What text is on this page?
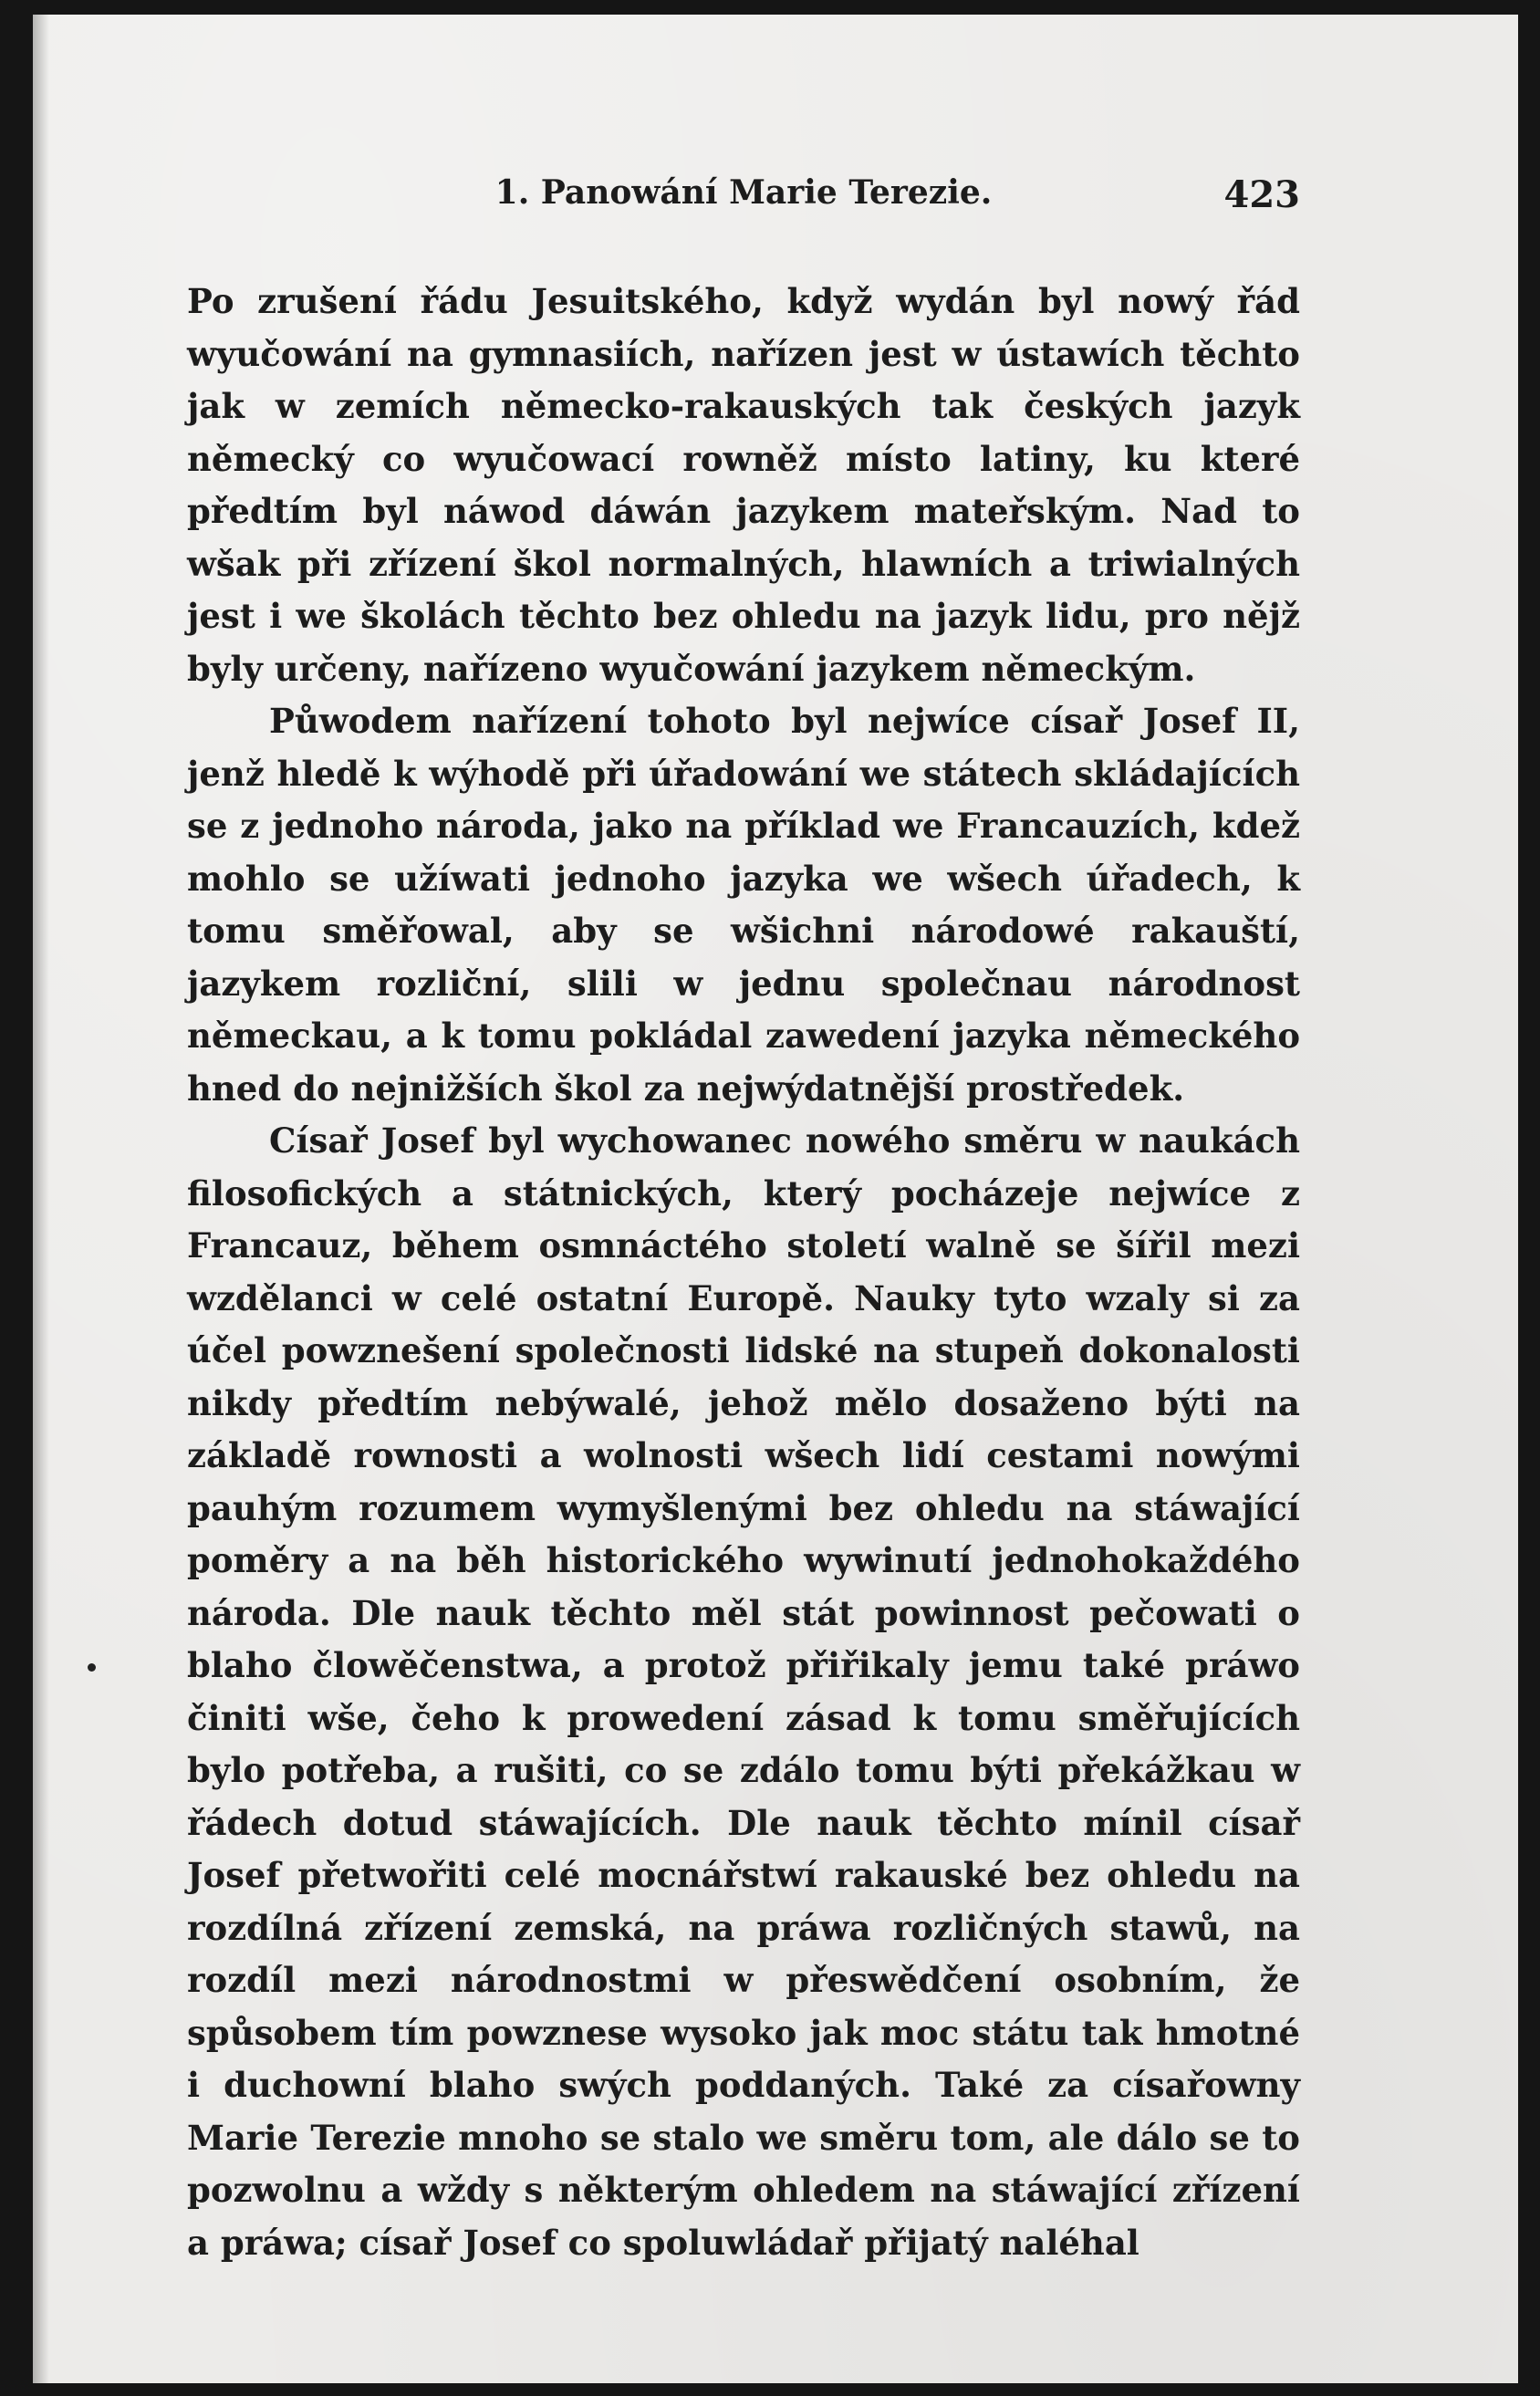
1. Panowání Marie Terezie.	423

Po zrušení řádu Jesuitského, když wydán byl nowý řád wyučowání na gymnasiích, nařízen jest w ústawích těchto jak w zemích německo-rakauských tak českých jazyk německý co wyučowací rowněž místo latiny, ku které předtím byl náwod dáwán jazykem mateřským. Nad to wšak při zřízení škol normalných, hlawních a triwialných jest i we školách těchto bez ohledu na jazyk lidu, pro nějž byly určeny, nařízeno wyučowání jazykem německým.

Půwodem nařízení tohoto byl nejwíce císař Josef II, jenž hledě k wýhodě při úřadowání we státech skládajících se z jednoho národa, jako na příklad we Francauzích, kdež mohlo se užíwati jednoho jazyka we wšech úřadech, k tomu směřowal, aby se wšichni národowé rakauští, jazykem rozliční, slili w jednu společnau národnost německau, a k tomu pokládal zawedení jazyka německého hned do nejnižších škol za nejwýdatnější prostředek.

Císař Josef byl wychowanec nowého směru w naukách filosofických a státnických, který pocházeje nejwíce z Francauz, během osmnáctého století walně se šířil mezi wzdělanci w celé ostatní Europě. Nauky tyto wzaly si za účel powznešení společnosti lidské na stupeň dokonalosti nikdy předtím nebýwalé, jehož mělo dosaženo býti na základě rownosti a wolnosti wšech lidí cestami nowými pauhým rozumem wymyšlenými bez ohledu na stáwající poměry a na běh historického wywinutí jednohokaždého národa. Dle nauk těchto měl stát powinnost pečowati o blaho člowěčenstwa, a protož přiřikaly jemu také práwo činiti wše, čeho k prowedení zásad k tomu směřujících bylo potřeba, a rušiti, co se zdálo tomu býti překážkau w řádech dotud stáwajících. Dle nauk těchto mínil císař Josef přetwořiti celé mocnářstwí rakauské bez ohledu na rozdílná zřízení zemská, na práwa rozličných stawů, na rozdíl mezi národnostmi w přeswědčení osobním, že spůsobem tím powznese wysoko jak moc státu tak hmotné i duchowní blaho swých poddaných. Také za císařowny Marie Terezie mnoho se stalo we směru tom, ale dálo se to pozwolnu a wždy s některým ohledem na stáwající zřízení a práwa; císař Josef co spoluwládař přijatý naléhal
